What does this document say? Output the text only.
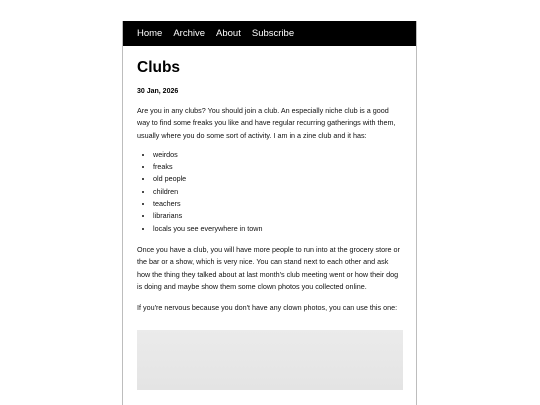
Home Archive About Subscribe
Clubs
30 Jan, 2026

Are you in any clubs? You should join a club. An especially niche club is a good way to find some freaks you like and have regular recurring gatherings with them, usually where you do some sort of activity. I am in a zine club and it has:

• weirdos
• freaks
• old people
• children
• teachers
• librarians
• locals you see everywhere in town

Once you have a club, you will have more people to run into at the grocery store or the bar or a show, which is very nice. You can stand next to each other and ask how the thing they talked about at last month's club meeting went or how their dog is doing and maybe show them some clown photos you collected online.

If you're nervous because you don't have any clown photos, you can use this one:
